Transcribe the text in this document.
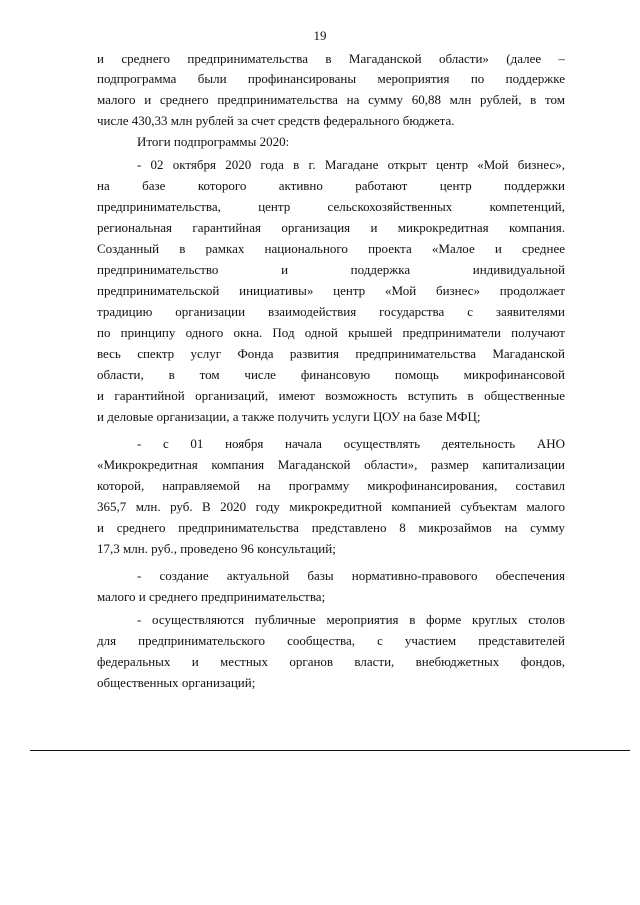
19
и среднего предпринимательства в Магаданской области» (далее –
подпрограмма были профинансированы мероприятия по поддержке
малого и среднего предпринимательства на сумму 60,88 млн рублей, в том
числе 430,33 млн рублей за счет средств федерального бюджета.
Итоги подпрограммы 2020:
- 02 октября 2020 года в г. Магадане открыт центр «Мой бизнес»,
на базе которого активно работают центр поддержки
предпринимательства, центр сельскохозяйственных компетенций,
региональная гарантийная организация и микрокредитная компания.
Созданный в рамках национального проекта «Малое и среднее
предпринимательство и поддержка индивидуальной
предпринимательской инициативы» центр «Мой бизнес» продолжает
традицию организации взаимодействия государства с заявителями
по принципу одного окна. Под одной крышей предприниматели получают
весь спектр услуг Фонда развития предпринимательства Магаданской
области, в том числе финансовую помощь микрофинансовой
и гарантийной организаций, имеют возможность вступить в общественные
и деловые организации, а также получить услуги ЦОУ на базе МФЦ;
- с 01 ноября начала осуществлять деятельность АНО
«Микрокредитная компания Магаданской области», размер капитализации
которой, направляемой на программу микрофинансирования, составил
365,7 млн. руб. В 2020 году микрокредитной компанией субъектам малого
и среднего предпринимательства представлено 8 микрозаймов на сумму
17,3 млн. руб., проведено 96 консультаций;
- создание актуальной базы нормативно-правового обеспечения
малого и среднего предпринимательства;
- осуществляются публичные мероприятия в форме круглых столов
для предпринимательского сообщества, с участием представителей
федеральных и местных органов власти, внебюджетных фондов,
общественных организаций;
